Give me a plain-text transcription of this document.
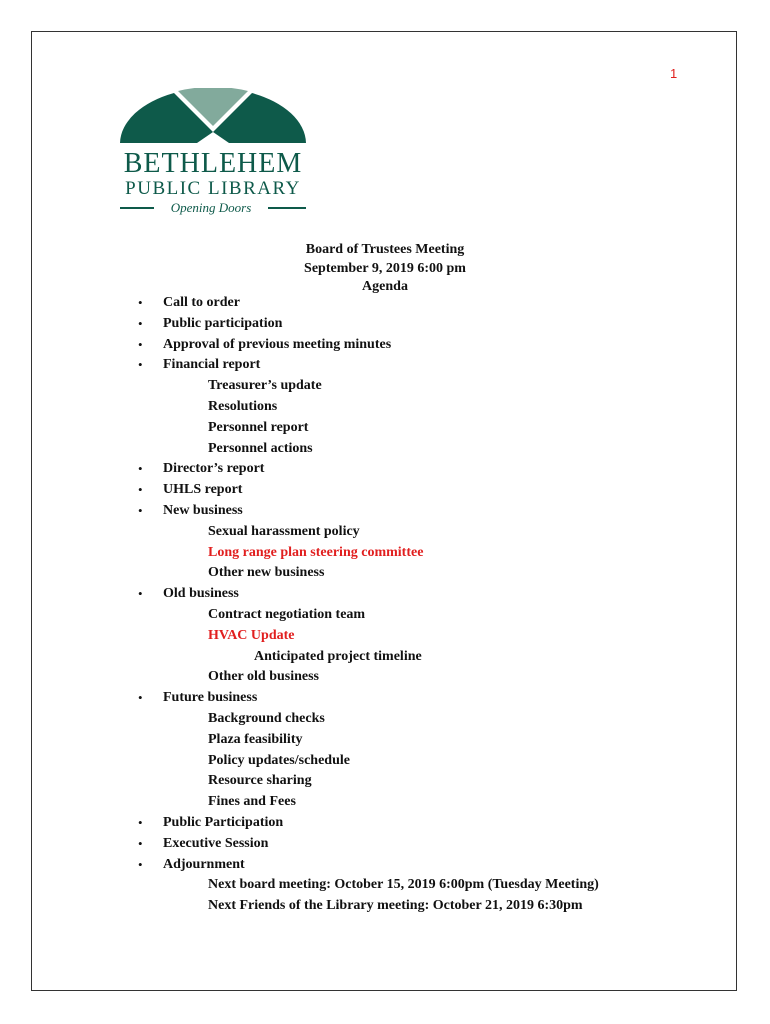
1
BETHLEHEM
PUBLIC LIBRARY
Opening Doors
Board of Trustees Meeting
September 9, 2019 6:00 pm
Agenda
• Call to order
• Public participation
• Approval of previous meeting minutes
• Financial report
Treasurer’s update
Resolutions
Personnel report
Personnel actions
• Director’s report
• UHLS report
• New business
Sexual harassment policy
Long range plan steering committee
Other new business
• Old business
Contract negotiation team
HVAC Update
Anticipated project timeline
Other old business
• Future business
Background checks
Plaza feasibility
Policy updates/schedule
Resource sharing
Fines and Fees
• Public Participation
• Executive Session
• Adjournment
Next board meeting: October 15, 2019 6:00pm (Tuesday Meeting)
Next Friends of the Library meeting: October 21, 2019 6:30pm
